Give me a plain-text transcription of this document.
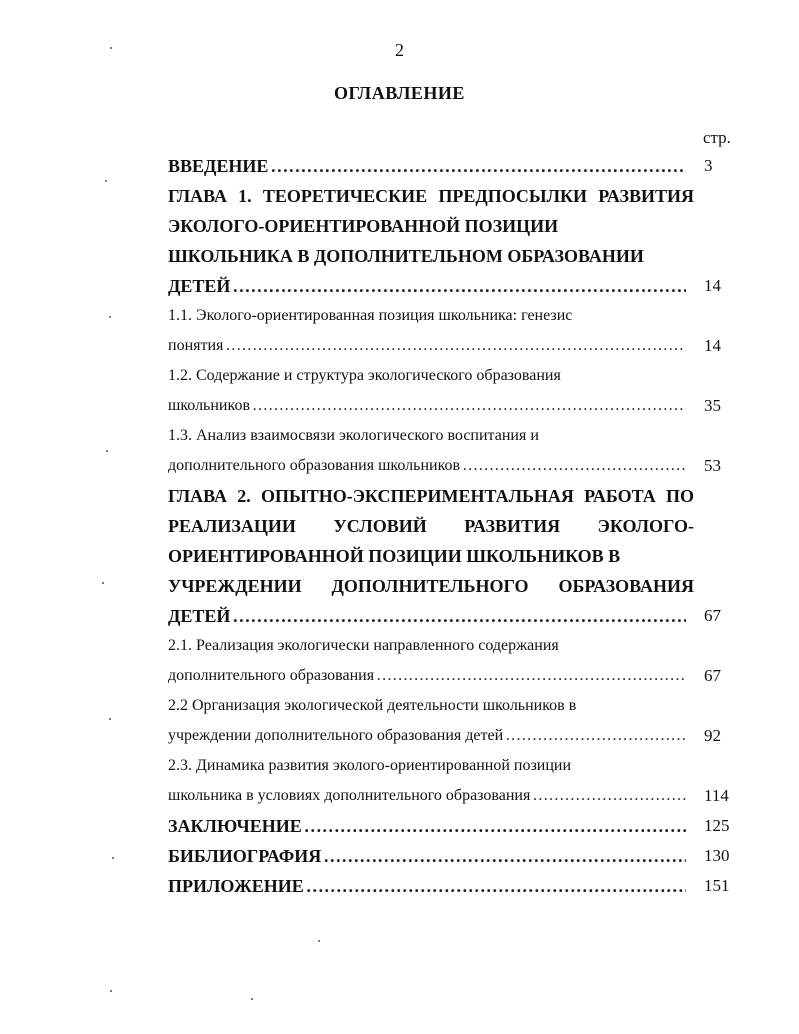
2
ОГЛАВЛЕНИЕ
стр.
ВВЕДЕНИЕ …………………………………………………………………………………………………………………………………………………………………………	3
ГЛАВА 1. ТЕОРЕТИЧЕСКИЕ ПРЕДПОСЫЛКИ РАЗВИТИЯ
ЭКОЛОГО-ОРИЕНТИРОВАННОЙ ПОЗИЦИИ
ШКОЛЬНИКА В ДОПОЛНИТЕЛЬНОМ ОБРАЗОВАНИИ
ДЕТЕЙ …………………………………………………………………………………………………………………………………………………………………………	14
1.1. Эколого-ориентированная позиция школьника: генезис
понятия …………………………………………………………………………………………………………………………………………………………………………	14
1.2. Содержание и структура экологического образования
школьников …………………………………………………………………………………………………………………………………………………………………………	35
1.3. Анализ взаимосвязи экологического воспитания и
дополнительного образования школьников …………………………………………………………………………………………………………………………………………………………………………	53
ГЛАВА 2. ОПЫТНО-ЭКСПЕРИМЕНТАЛЬНАЯ РАБОТА ПО
РЕАЛИЗАЦИИ УСЛОВИЙ РАЗВИТИЯ ЭКОЛОГО-
ОРИЕНТИРОВАННОЙ ПОЗИЦИИ ШКОЛЬНИКОВ В
УЧРЕЖДЕНИИ ДОПОЛНИТЕЛЬНОГО ОБРАЗОВАНИЯ
ДЕТЕЙ …………………………………………………………………………………………………………………………………………………………………………	67
2.1. Реализация экологически направленного содержания
дополнительного образования …………………………………………………………………………………………………………………………………………………………………………	67
2.2 Организация экологической деятельности школьников в
учреждении дополнительного образования детей …………………………………………………………………………………………………………………………………………………………………………	92
2.3. Динамика развития эколого-ориентированной позиции
школьника в условиях дополнительного образования …………………………………………………………………………………………………………………………………………………………………………	114
ЗАКЛЮЧЕНИЕ …………………………………………………………………………………………………………………………………………………………………………	125
БИБЛИОГРАФИЯ …………………………………………………………………………………………………………………………………………………………………………	130
ПРИЛОЖЕНИЕ …………………………………………………………………………………………………………………………………………………………………………	151
